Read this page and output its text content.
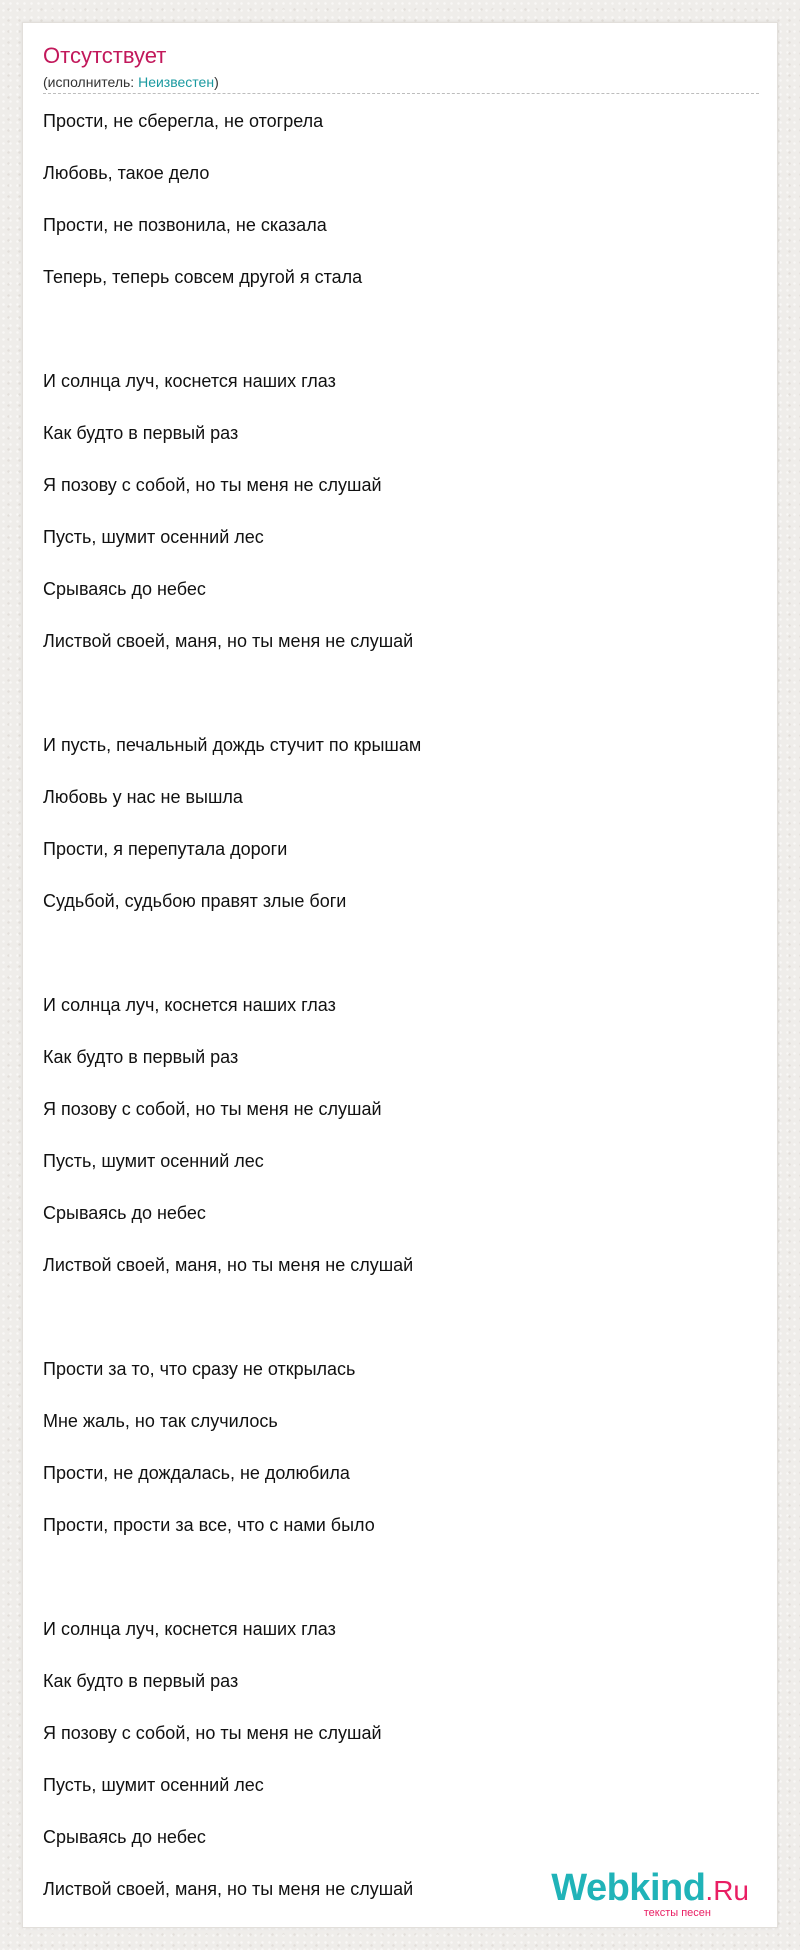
Отсутствует
(исполнитель: Неизвестен)
Прости, не сберегла, не отогрела
Любовь, такое дело
Прости, не позвонила, не сказала
Теперь, теперь совсем другой я стала
И солнца луч, коснется наших глаз
Как будто в первый раз
Я позову с собой, но ты меня не слушай
Пусть, шумит осенний лес
Срываясь до небес
Листвой своей, маня, но ты меня не слушай
И пусть, печальный дождь стучит по крышам
Любовь у нас не вышла
Прости, я перепутала дороги
Судьбой, судьбою правят злые боги
И солнца луч, коснется наших глаз
Как будто в первый раз
Я позову с собой, но ты меня не слушай
Пусть, шумит осенний лес
Срываясь до небес
Листвой своей, маня, но ты меня не слушай
Прости за то, что сразу не открылась
Мне жаль, но так случилось
Прости, не дождалась, не долюбила
Прости, прости за все, что с нами было
И солнца луч, коснется наших глаз
Как будто в первый раз
Я позову с собой, но ты меня не слушай
Пусть, шумит осенний лес
Срываясь до небес
Листвой своей, маня, но ты меня не слушай	Webkind.Ru
тексты песен
